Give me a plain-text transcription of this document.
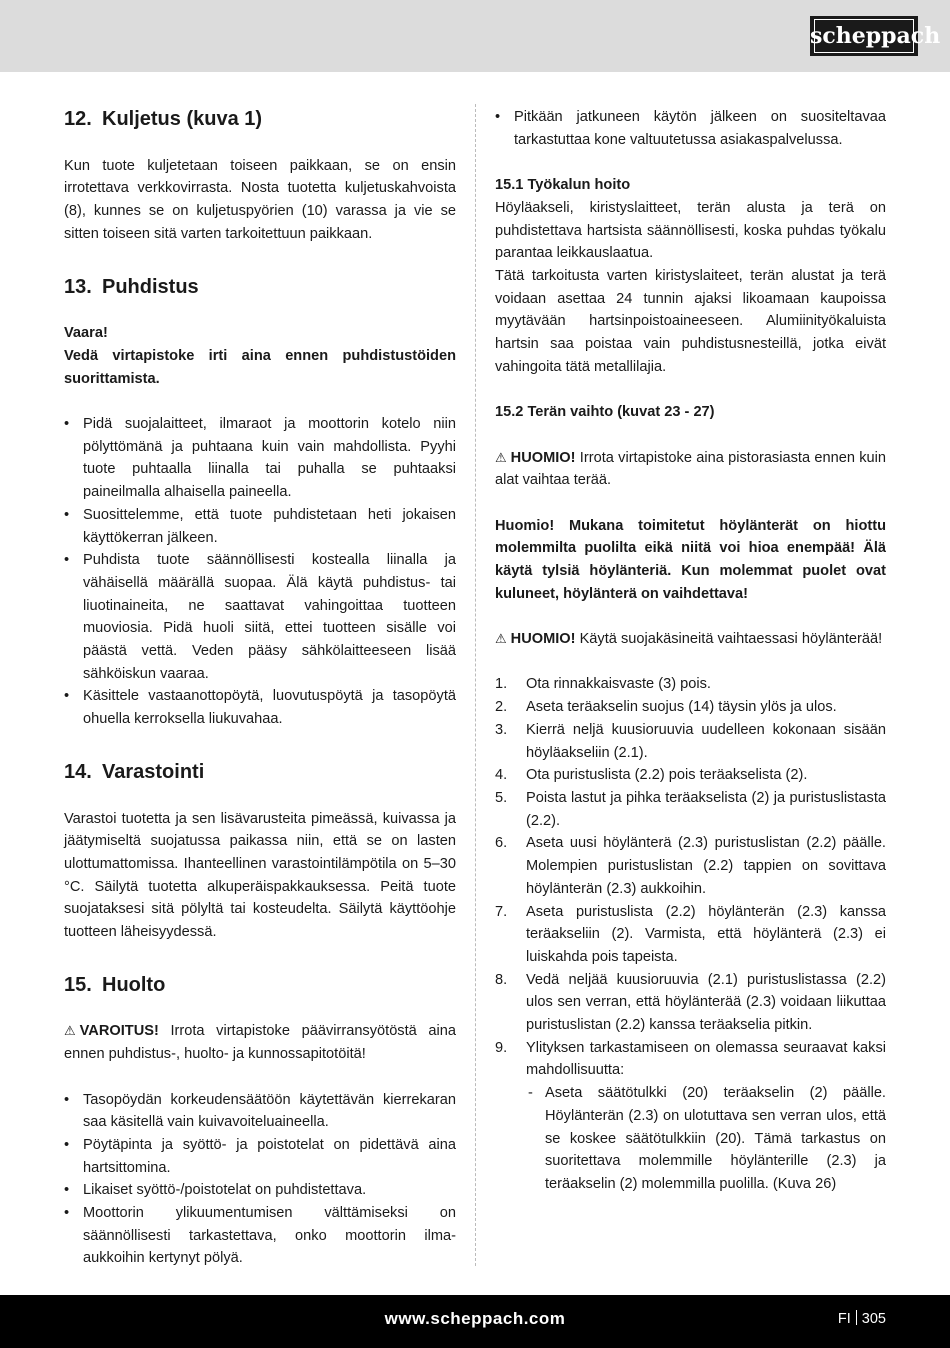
scheppach
12. Kuljetus (kuva 1)
Kun tuote kuljetetaan toiseen paikkaan, se on ensin irrotettava verkkovirrasta. Nosta tuotetta kuljetuskahvoista (8), kunnes se on kuljetuspyörien (10) varassa ja vie se sitten toiseen sitä varten tarkoitettuun paikkaan.
13. Puhdistus
Vaara!
Vedä virtapistoke irti aina ennen puhdistustöiden suorittamista.
• Pidä suojalaitteet, ilmaraot ja moottorin kotelo niin pölyttömänä ja puhtaana kuin vain mahdollista. Pyyhi tuote puhtaalla liinalla tai puhalla se puhtaaksi paineilmalla alhaisella paineella.
• Suosittelemme, että tuote puhdistetaan heti jokaisen käyttökerran jälkeen.
• Puhdista tuote säännöllisesti kostealla liinalla ja vähäisellä määrällä suopaa. Älä käytä puhdistus- tai liuotinaineita, ne saattavat vahingoittaa tuotteen muoviosia. Pidä huoli siitä, ettei tuotteen sisälle voi päästä vettä. Veden pääsy sähkölaitteeseen lisää sähköiskun vaaraa.
• Käsittele vastaanottopöytä, luovutuspöytä ja tasopöytä ohuella kerroksella liukuvahaa.
14. Varastointi
Varastoi tuotetta ja sen lisävarusteita pimeässä, kuivassa ja jäätymiseltä suojatussa paikassa niin, että se on lasten ulottumattomissa. Ihanteellinen varastointilämpötila on 5–30 °C. Säilytä tuotetta alkuperäispakkauksessa. Peitä tuote suojataksesi sitä pölyltä tai kosteudelta. Säilytä käyttöohje tuotteen läheisyydessä.
15. Huolto
⚠ VAROITUS! Irrota virtapistoke päävirransyötöstä aina ennen puhdistus-, huolto- ja kunnossapitotöitä!
• Tasopöydän korkeudensäätöön käytettävän kierrekaran saa käsitellä vain kuivavoiteluaineella.
• Pöytäpinta ja syöttö- ja poistotelat on pidettävä aina hartsittomina.
• Likaiset syöttö-/poistotelat on puhdistettava.
• Moottorin ylikuumentumisen välttämiseksi on säännöllisesti tarkastettava, onko moottorin ilma-aukkoihin kertynyt pölyä.
• Pitkään jatkuneen käytön jälkeen on suositeltavaa tarkastuttaa kone valtuutetussa asiakaspalvelussa.
15.1 Työkalun hoito
Höyläakseli, kiristyslaitteet, terän alusta ja terä on puhdistettava hartsista säännöllisesti, koska puhdas työkalu parantaa leikkauslaatua.
Tätä tarkoitusta varten kiristyslaiteet, terän alustat ja terä voidaan asettaa 24 tunnin ajaksi likoamaan kaupoissa myytävään hartsinpoistoaineeseen. Alumiinityökaluista hartsin saa poistaa vain puhdistusnesteillä, jotka eivät vahingoita tätä metallilajia.
15.2 Terän vaihto (kuvat 23 - 27)
⚠ HUOMIO! Irrota virtapistoke aina pistorasiasta ennen kuin alat vaihtaa terää.
Huomio! Mukana toimitetut höylänterät on hiottu molemmilta puolilta eikä niitä voi hioa enempää! Älä käytä tylsiä höylänteriä. Kun molemmat puolet ovat kuluneet, höylänterä on vaihdettava!
⚠ HUOMIO! Käytä suojakäsineitä vaihtaessasi höylänterää!
1. Ota rinnakkaisvaste (3) pois.
2. Aseta teräakselin suojus (14) täysin ylös ja ulos.
3. Kierrä neljä kuusioruuvia uudelleen kokonaan sisään höyläakseliin (2.1).
4. Ota puristuslista (2.2) pois teräakselista (2).
5. Poista lastut ja pihka teräakselista (2) ja puristuslistasta (2.2).
6. Aseta uusi höylänterä (2.3) puristuslistan (2.2) päälle. Molempien puristuslistan (2.2) tappien on sovittava höylänterän (2.3) aukkoihin.
7. Aseta puristuslista (2.2) höylänterän (2.3) kanssa teräakseliin (2). Varmista, että höylänterä (2.3) ei luiskahda pois tapeista.
8. Vedä neljää kuusioruuvia (2.1) puristuslistassa (2.2) ulos sen verran, että höylänterää (2.3) voidaan liikuttaa puristuslistan (2.2) kanssa teräakselia pitkin.
9. Ylityksen tarkastamiseen on olemassa seuraavat kaksi mahdollisuutta:
- Aseta säätötulkki (20) teräakselin (2) päälle. Höylänterän (2.3) on ulotuttava sen verran ulos, että se koskee säätötulkkiin (20). Tämä tarkastus on suoritettava molemmille höylänterille (2.3) ja teräakselin (2) molemmilla puolilla. (Kuva 26)
www.scheppach.com	FI 305
